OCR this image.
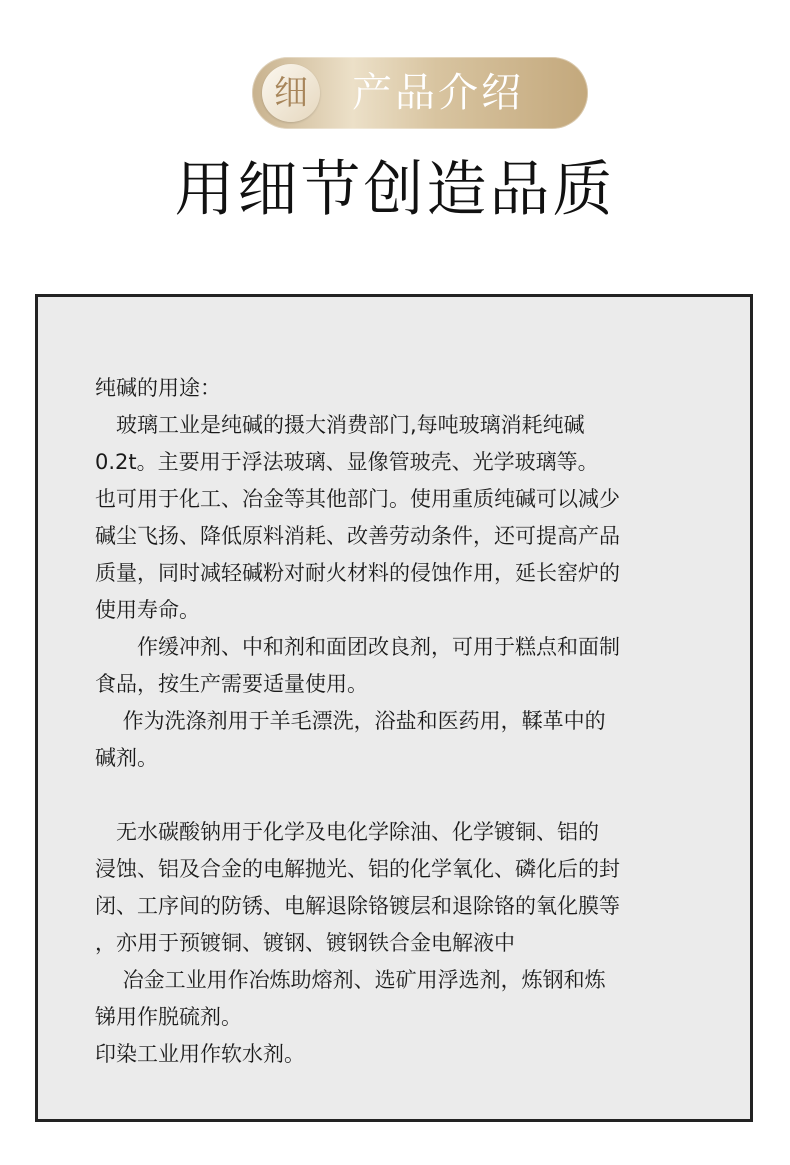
细 产品介绍
用细节创造品质
纯碱的用途：
　玻璃工业是纯碱的摄大消费部门,每吨玻璃消耗纯碱
0.2t。主要用于浮法玻璃、显像管玻壳、光学玻璃等。
也可用于化工、冶金等其他部门。使用重质纯碱可以减少
碱尘飞扬、降低原料消耗、改善劳动条件，还可提高产品
质量，同时减轻碱粉对耐火材料的侵蚀作用，延长窑炉的
使用寿命。
　　作缓冲剂、中和剂和面团改良剂，可用于糕点和面制
食品，按生产需要适量使用。
　 作为洗涤剂用于羊毛漂洗，浴盐和医药用，鞣革中的
碱剂。
　无水碳酸钠用于化学及电化学除油、化学镀铜、铝的
浸蚀、铝及合金的电解抛光、铝的化学氧化、磷化后的封
闭、工序间的防锈、电解退除铬镀层和退除铬的氧化膜等
，亦用于预镀铜、镀钢、镀钢铁合金电解液中
　 冶金工业用作冶炼助熔剂、选矿用浮选剂，炼钢和炼
锑用作脱硫剂。
印染工业用作软水剂。
